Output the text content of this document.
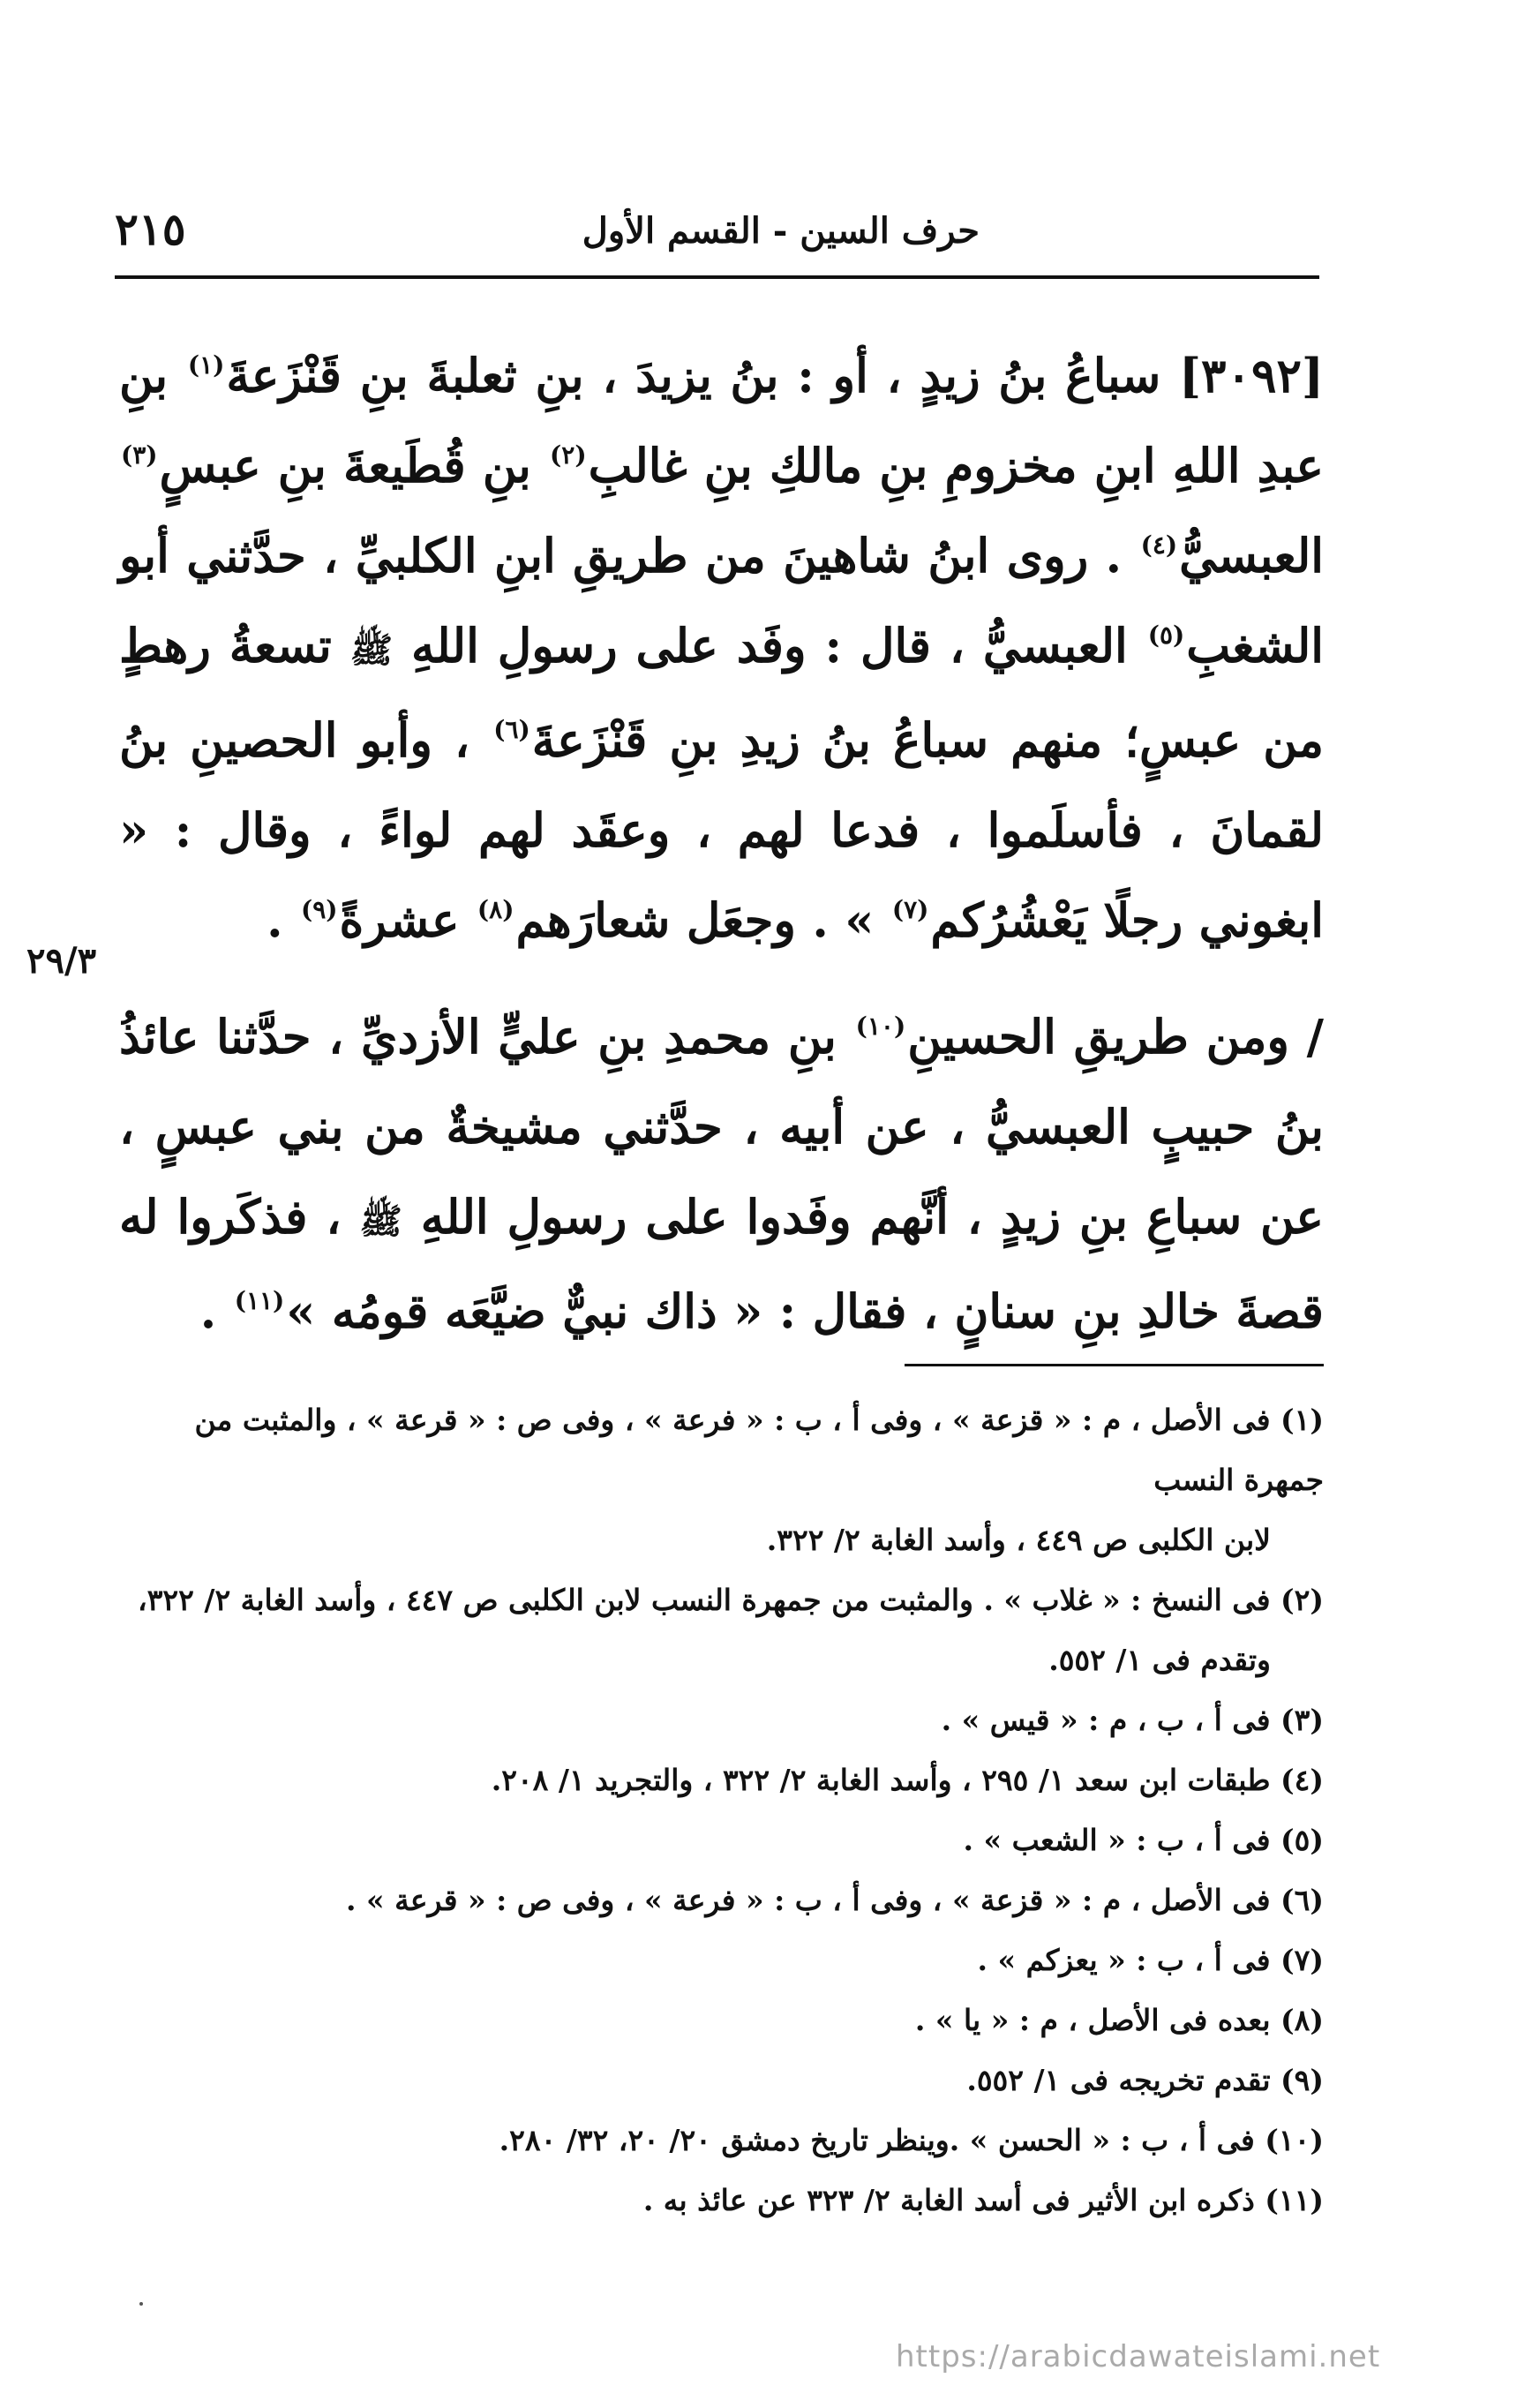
حرف السين - القسم الأول
٢١٥
٢٩/٣

[٣٠٩٢] سباعُ بنُ زيدٍ ، أو : بنُ يزيدَ ، بنِ ثعلبةَ بنِ قَنْزَعةَ$^{(١)}$ بنِ عبدِ اللهِ ابنِ مخزومِ بنِ مالكِ بنِ غالبِ$^{(٢)}$ بنِ قُطَيعةَ بنِ عبسٍ$^{(٣)}$ العبسيُّ$^{(٤)}$ . روى ابنُ شاهينَ من طريقِ ابنِ الكلبيِّ ، حدَّثني أبو الشغبِ$^{(٥)}$ العبسيُّ ، قال : وفَد على رسولِ اللهِ ﷺ تسعةُ رهطٍ من عبسٍ؛ منهم سباعُ بنُ زيدِ بنِ قَنْزَعةَ$^{(٦)}$ ، وأبو الحصينِ بنُ لقمانَ ، فأسلَموا ، فدعا لهم ، وعقَد لهم لواءً ، وقال : « ابغوني رجلًا يَعْشُرُكم$^{(٧)}$ » . وجعَل شعارَهم$^{(٨)}$ عشرةً$^{(٩)}$ .

/ ومن طريقِ الحسينِ$^{(١٠)}$ بنِ محمدِ بنِ عليٍّ الأزديِّ ، حدَّثنا عائذُ بنُ حبيبٍ العبسيُّ ، عن أبيه ، حدَّثني مشيخةٌ من بني عبسٍ ، عن سباعِ بنِ زيدٍ ، أنَّهم وفَدوا على رسولِ اللهِ ﷺ ، فذكَروا له قصةَ خالدِ بنِ سنانٍ ، فقال : « ذاك نبيٌّ ضيَّعَه قومُه »$^{(١١)}$ .

(١) فى الأصل ، م : « قزعة » ، وفى أ ، ب : « فرعة » ، وفى ص : « قرعة » ، والمثبت من جمهرة النسب

لابن الكلبى ص ٤٤٩ ، وأسد الغابة ٢/ ٣٢٢.

(٢) فى النسخ : « غلاب » . والمثبت من جمهرة النسب لابن الكلبى ص ٤٤٧ ، وأسد الغابة ٢/ ٣٢٢،

وتقدم فى ١/ ٥٥٢.

(٣) فى أ ، ب ، م : « قيس » .

(٤) طبقات ابن سعد ١/ ٢٩٥ ، وأسد الغابة ٢/ ٣٢٢ ، والتجريد ١/ ٢٠٨.

(٥) فى أ ، ب : « الشعب » .

(٦) فى الأصل ، م : « قزعة » ، وفى أ ، ب : « فرعة » ، وفى ص : « قرعة » .

(٧) فى أ ، ب : « يعزكم » .

(٨) بعده فى الأصل ، م : « يا » .

(٩) تقدم تخريجه فى ١/ ٥٥٢.

(١٠) فى أ ، ب : « الحسن » .وينظر تاريخ دمشق ٢٠/ ٢٠، ٣٢/ ٢٨٠.

(١١) ذكره ابن الأثير فى أسد الغابة ٢/ ٣٢٣ عن عائذ به .

https://arabicdawateislami.net
